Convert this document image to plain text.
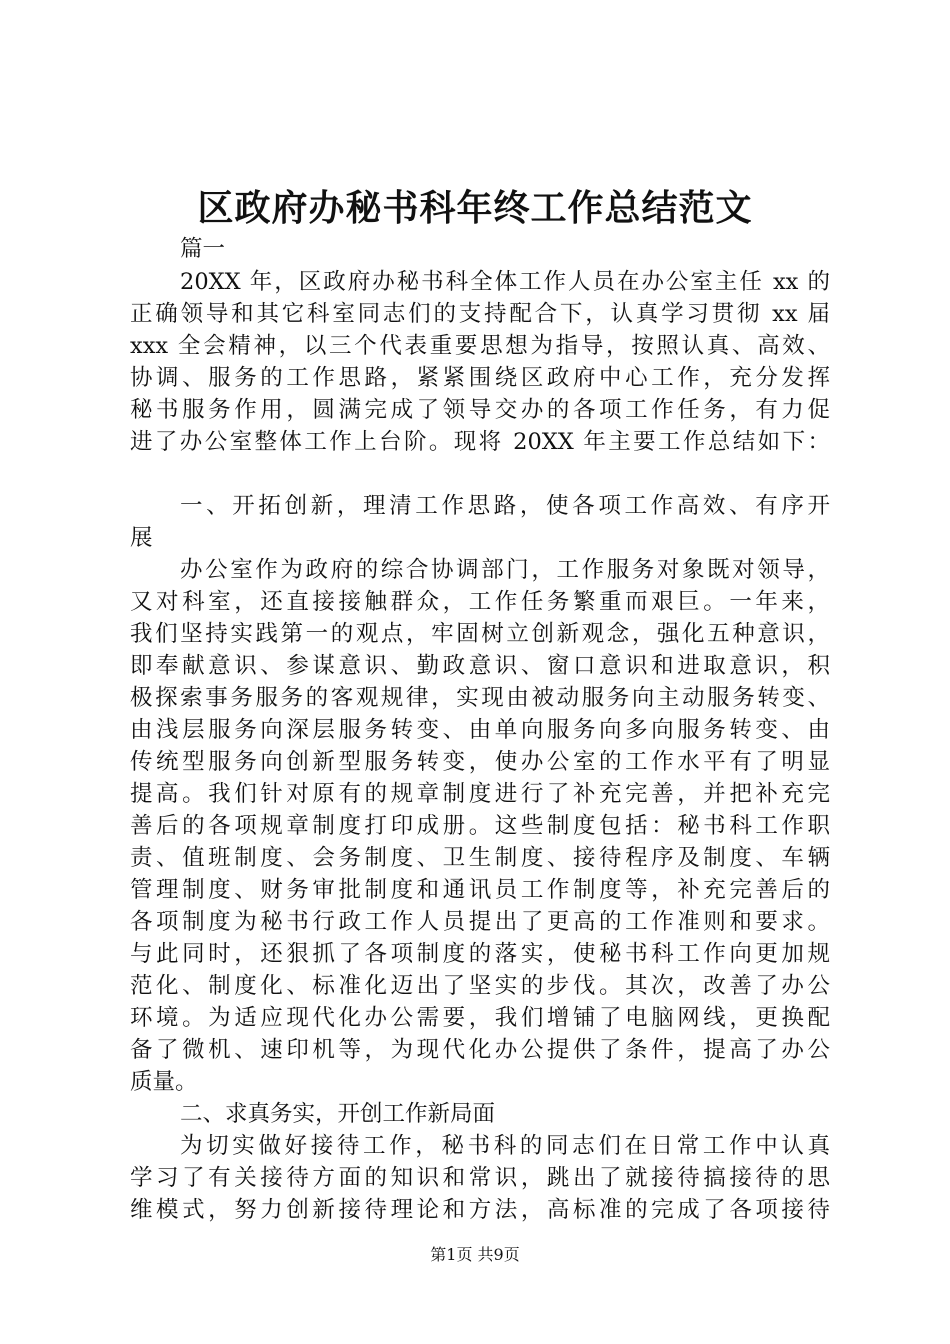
区政府办秘书科年终工作总结范文
篇一
20XX 年，区政府办秘书科全体工作人员在办公室主任 xx 的
正确领导和其它科室同志们的支持配合下，认真学习贯彻 xx 届
xxx 全会精神，以三个代表重要思想为指导，按照认真、高效、
协调、服务的工作思路，紧紧围绕区政府中心工作，充分发挥
秘书服务作用，圆满完成了领导交办的各项工作任务，有力促
进了办公室整体工作上台阶。现将 20XX 年主要工作总结如下：
一、开拓创新，理清工作思路，使各项工作高效、有序开
展
办公室作为政府的综合协调部门，工作服务对象既对领导，
又对科室，还直接接触群众，工作任务繁重而艰巨。一年来，
我们坚持实践第一的观点，牢固树立创新观念，强化五种意识，
即奉献意识、参谋意识、勤政意识、窗口意识和进取意识，积
极探索事务服务的客观规律，实现由被动服务向主动服务转变、
由浅层服务向深层服务转变、由单向服务向多向服务转变、由
传统型服务向创新型服务转变，使办公室的工作水平有了明显
提高。我们针对原有的规章制度进行了补充完善，并把补充完
善后的各项规章制度打印成册。这些制度包括：秘书科工作职
责、值班制度、会务制度、卫生制度、接待程序及制度、车辆
管理制度、财务审批制度和通讯员工作制度等，补充完善后的
各项制度为秘书行政工作人员提出了更高的工作准则和要求。
与此同时，还狠抓了各项制度的落实，使秘书科工作向更加规
范化、制度化、标准化迈出了坚实的步伐。其次，改善了办公
环境。为适应现代化办公需要，我们增铺了电脑网线，更换配
备了微机、速印机等，为现代化办公提供了条件，提高了办公
质量。
二、求真务实，开创工作新局面
为切实做好接待工作，秘书科的同志们在日常工作中认真
学习了有关接待方面的知识和常识，跳出了就接待搞接待的思
维模式，努力创新接待理论和方法，高标准的完成了各项接待
第1页 共9页
